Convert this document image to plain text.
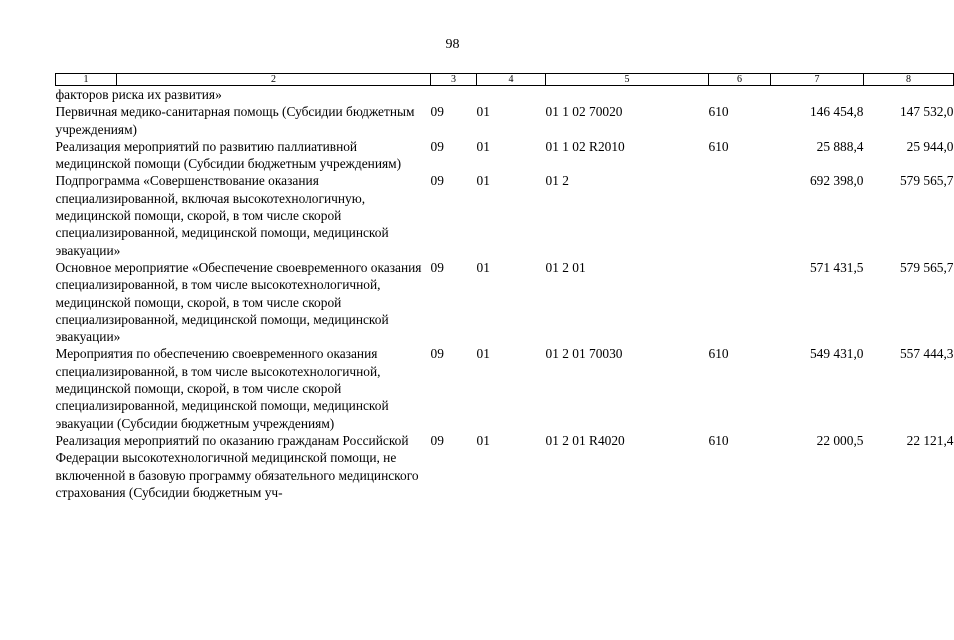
98
1	2	3	4	5	6	7	8
факторов риска их развития»							
Первичная медико-санитарная помощь (Субсидии бюджетным учреждениям)		09	01	01 1 02 70020	610	146 454,8	147 532,0
Реализация мероприятий по развитию паллиативной медицинской помощи (Субсидии бюджетным учреждениям)		09	01	01 1 02 R2010	610	25 888,4	25 944,0
Подпрограмма «Совершенствование оказания специализированной, включая высокотехнологичную, медицинской помощи, скорой, в том числе скорой специализированной, медицинской помощи, медицинской эвакуации»		09	01	01 2		692 398,0	579 565,7
Основное мероприятие «Обеспечение своевременного оказания специализированной, в том числе высокотехнологичной, медицинской помощи, скорой, в том числе скорой специализированной, медицинской помощи, медицинской эвакуации»		09	01	01 2 01		571 431,5	579 565,7
Мероприятия по обеспечению своевременного оказания специализированной, в том числе высокотехнологичной, медицинской помощи, скорой, в том числе скорой специализированной, медицинской помощи, медицинской эвакуации (Субсидии бюджетным учреждениям)		09	01	01 2 01 70030	610	549 431,0	557 444,3
Реализация мероприятий по оказанию гражданам Российской Федерации высокотехнологичной медицинской помощи, не включенной в базовую программу обязательного медицинского страхования (Субсидии бюджетным уч-		09	01	01 2 01 R4020	610	22 000,5	22 121,4
